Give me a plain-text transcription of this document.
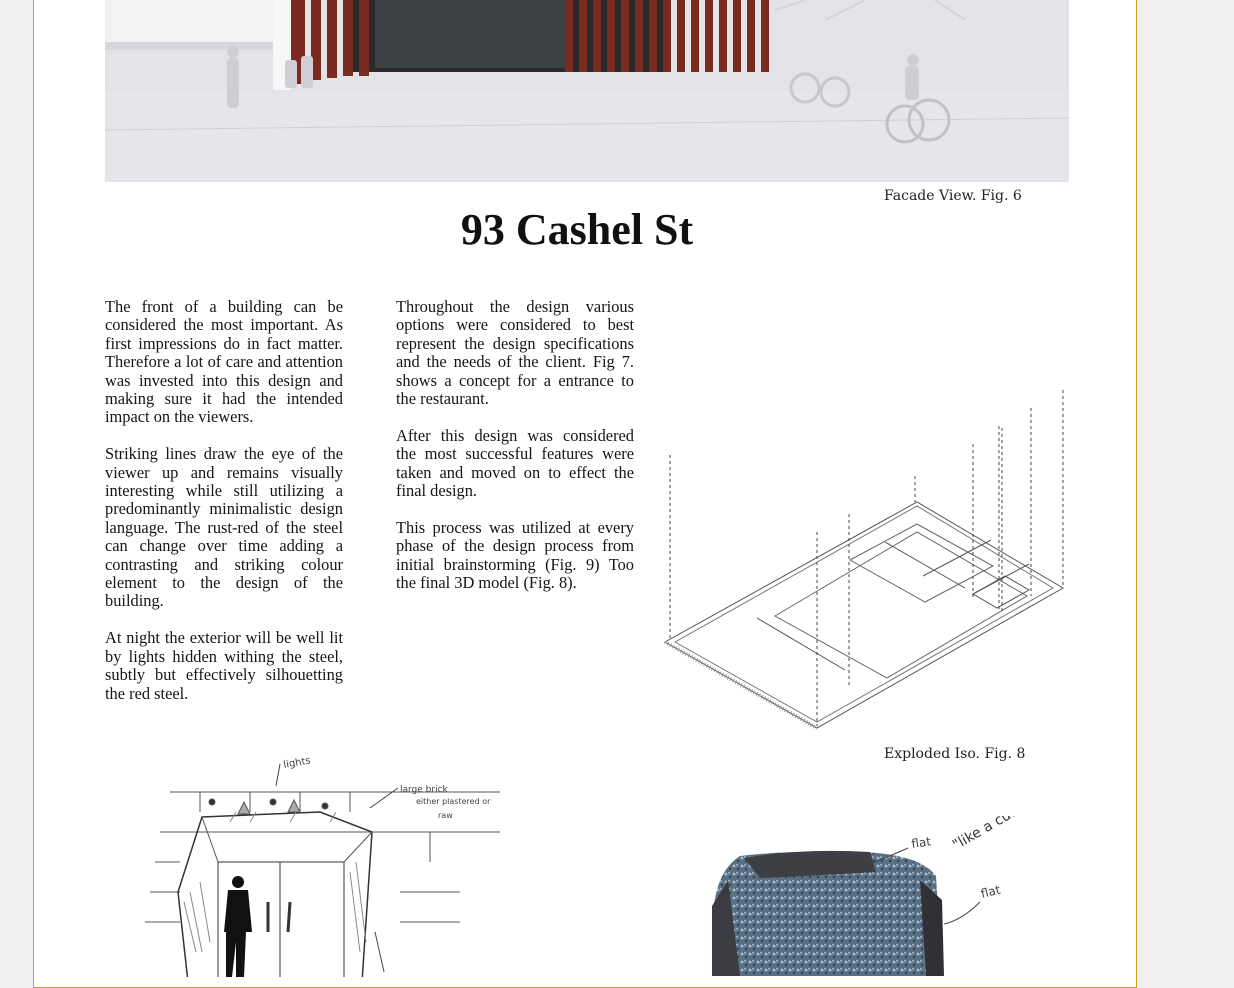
Facade View. Fig. 6
93 Cashel St

The front of a building can be considered the most important. As first impressions do in fact matter. Therefore a lot of care and attention was invested into this design and making sure it had the intended impact on the viewers.

Striking lines draw the eye of the viewer up and remains visually interesting while still utilizing a predominantly minimalistic design language. The rust-red of the steel can change over time adding a contrasting and striking colour element to the design of the building.

At night the exterior will be well lit by lights hidden withing the steel, subtly but effectively silhouetting the red steel.

Throughout the design various options were considered to best represent the design specifications and the needs of the client. Fig 7. shows a concept for a entrance to the restaurant.

After this design was considered the most successful features were taken and moved on to effect the final design.

This process was utilized at every phase of the design process from initial brainstorming (Fig. 9) Too the final 3D model (Fig. 8).

Exploded Iso. Fig. 8
lights
large brick
either plastered or
raw
flat "like a cut."
flat
